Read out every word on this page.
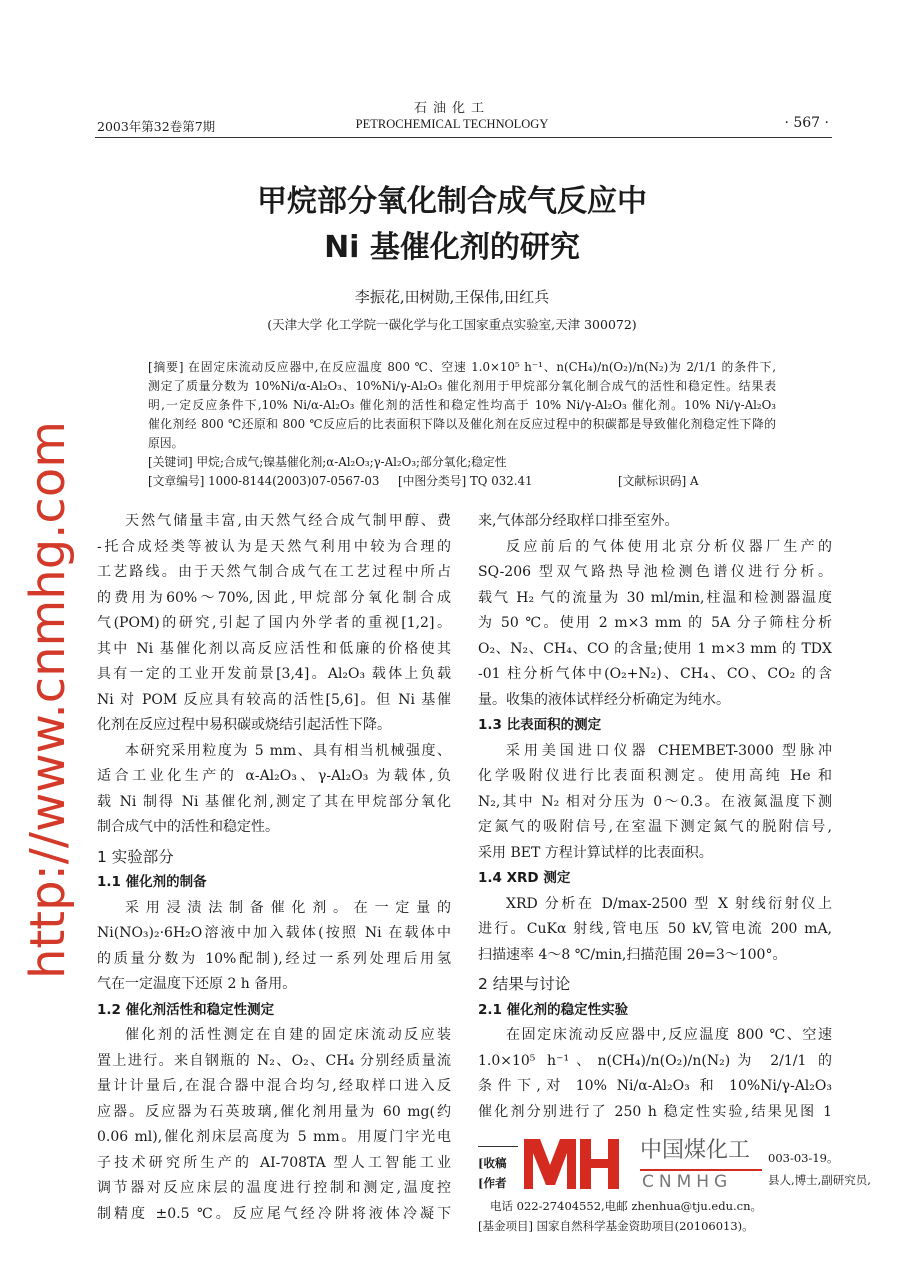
2003年第32卷第7期
石油化工
PETROCHEMICAL TECHNOLOGY	· 567 ·
甲烷部分氧化制合成气反应中
Ni 基催化剂的研究
李振花,田树勋,王保伟,田红兵
(天津大学 化工学院一碳化学与化工国家重点实验室,天津 300072)
[摘要] 在固定床流动反应器中,在反应温度 800 ℃、空速 1.0×10⁵ h⁻¹、n(CH₄)/n(O₂)/n(N₂)为 2/1/1 的条件下,
测定了质量分数为 10%Ni/α-Al₂O₃、10%Ni/γ-Al₂O₃ 催化剂用于甲烷部分氧化制合成气的活性和稳定性。结果表
明,一定反应条件下,10% Ni/α-Al₂O₃ 催化剂的活性和稳定性均高于 10% Ni/γ-Al₂O₃ 催化剂。10% Ni/γ-Al₂O₃
催化剂经 800 ℃还原和 800 ℃反应后的比表面积下降以及催化剂在反应过程中的积碳都是导致催化剂稳定性下降的
原因。
[关键词] 甲烷;合成气;镍基催化剂;α-Al₂O₃;γ-Al₂O₃;部分氧化;稳定性
[文章编号] 1000-8144(2003)07-0567-03 [中图分类号] TQ 032.41	[文献标识码] A
天然气储量丰富,由天然气经合成气制甲醇、费
-托合成烃类等被认为是天然气利用中较为合理的
工艺路线。由于天然气制合成气在工艺过程中所占
的费用为60%～70%,因此,甲烷部分氧化制合成
气(POM)的研究,引起了国内外学者的重视[1,2]。
其中 Ni 基催化剂以高反应活性和低廉的价格使其
具有一定的工业开发前景[3,4]。Al₂O₃ 载体上负载
Ni 对 POM 反应具有较高的活性[5,6]。但 Ni 基催
化剂在反应过程中易积碳或烧结引起活性下降。
本研究采用粒度为 5 mm、具有相当机械强度、
适合工业化生产的 α-Al₂O₃、γ-Al₂O₃ 为载体,负
载 Ni 制得 Ni 基催化剂,测定了其在甲烷部分氧化
制合成气中的活性和稳定性。
1 实验部分
1.1 催化剂的制备
采用浸渍法制备催化剂。在一定量的
Ni(NO₃)₂·6H₂O溶液中加入载体(按照 Ni 在载体中
的质量分数为 10%配制),经过一系列处理后用氢
气在一定温度下还原 2 h 备用。
1.2 催化剂活性和稳定性测定
催化剂的活性测定在自建的固定床流动反应装
置上进行。来自钢瓶的 N₂、O₂、CH₄ 分别经质量流
量计计量后,在混合器中混合均匀,经取样口进入反
应器。反应器为石英玻璃,催化剂用量为 60 mg(约
0.06 ml),催化剂床层高度为 5 mm。用厦门宇光电
子技术研究所生产的 AI-708TA 型人工智能工业
调节器对反应床层的温度进行控制和测定,温度控
制精度 ±0.5 ℃。反应尾气经冷阱将液体冷凝下
来,气体部分经取样口排至室外。
反应前后的气体使用北京分析仪器厂生产的
SQ-206 型双气路热导池检测色谱仪进行分析。
载气 H₂ 气的流量为 30 ml/min,柱温和检测器温度
为 50 ℃。使用 2 m×3 mm 的 5A 分子筛柱分析
O₂、N₂、CH₄、CO 的含量;使用 1 m×3 mm 的 TDX
-01 柱分析气体中(O₂+N₂)、CH₄、CO、CO₂ 的含
量。收集的液体试样经分析确定为纯水。
1.3 比表面积的测定
采用美国进口仪器 CHEMBET-3000 型脉冲
化学吸附仪进行比表面积测定。使用高纯 He 和
N₂,其中 N₂ 相对分压为 0～0.3。在液氮温度下测
定氮气的吸附信号,在室温下测定氮气的脱附信号,
采用 BET 方程计算试样的比表面积。
1.4 XRD 测定
XRD 分析在 D/max-2500 型 X 射线衍射仪上
进行。CuKα 射线,管电压 50 kV,管电流 200 mA,
扫描速率 4～8 ℃/min,扫描范围 2θ=3～100°。
2 结果与讨论
2.1 催化剂的稳定性实验
在固定床流动反应器中,反应温度 800 ℃、空速
1.0×10⁵ h⁻¹、n(CH₄)/n(O₂)/n(N₂)为 2/1/1 的
条件下,对 10% Ni/α-Al₂O₃ 和 10%Ni/γ-Al₂O₃
催化剂分别进行了 250 h 稳定性实验,结果见图 1
[收稿	003-03-19。
[作者	县人,博士,副研究员,
电话 022-27404552,电邮 zhenhua@tju.edu.cn。
[基金项目] 国家自然科学基金资助项目(20106013)。
中国煤化工
CNMHG
http://www.cnmhg.com
